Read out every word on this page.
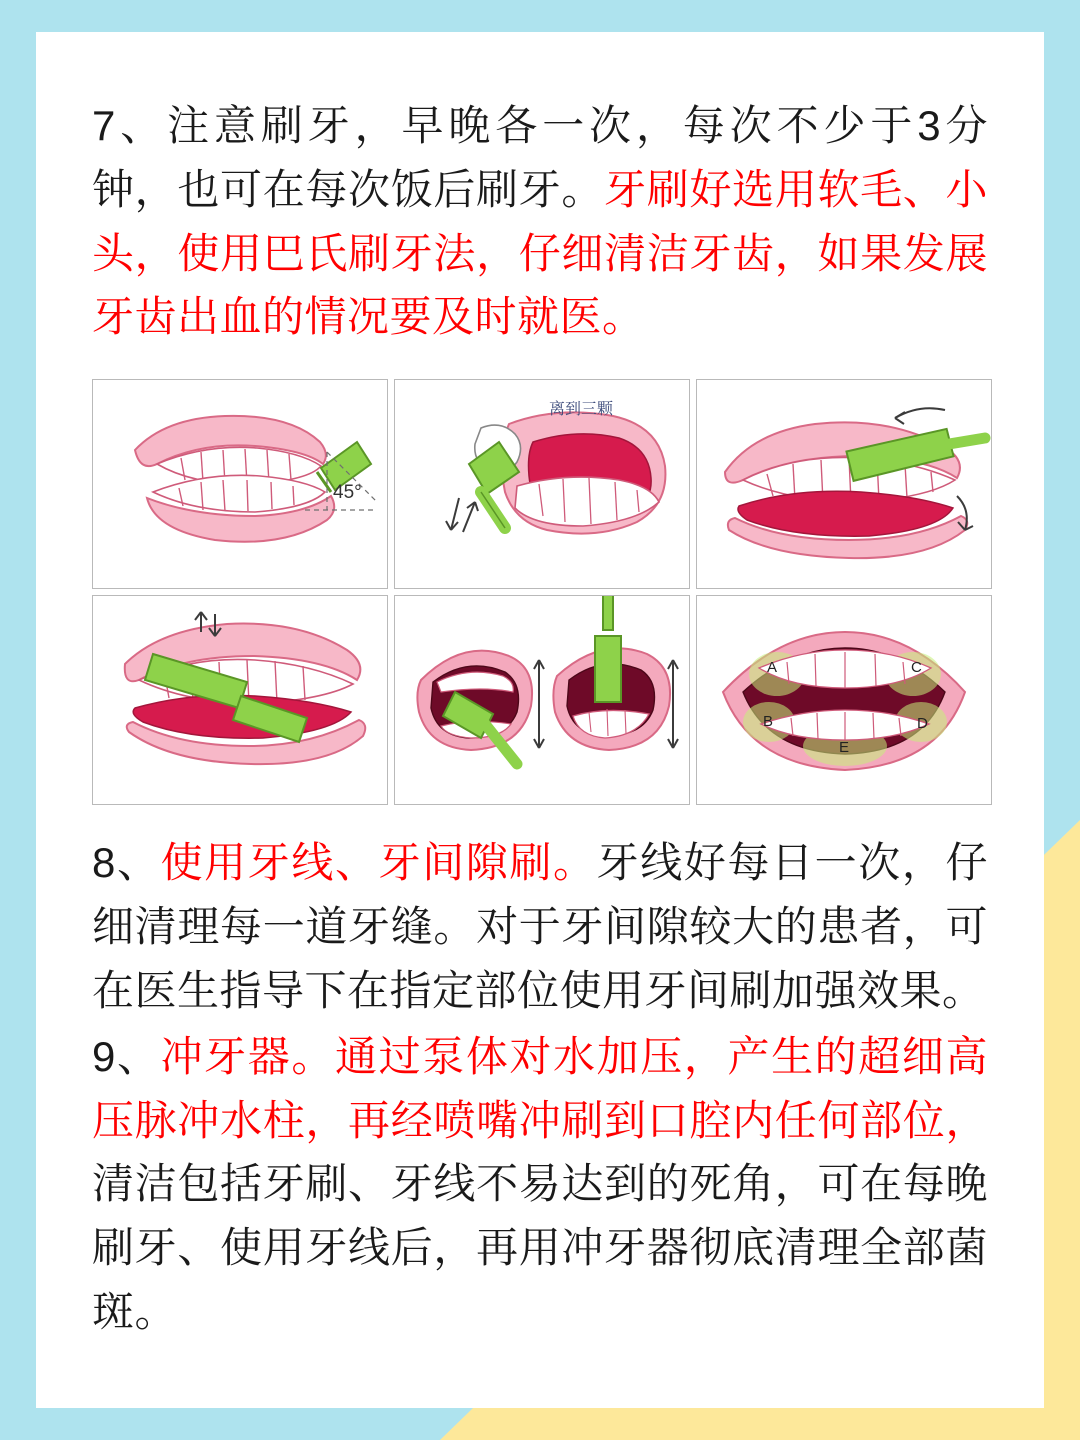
7、注意刷牙，早晚各一次，每次不少于3分钟，也可在每次饭后刷牙。牙刷好选用软毛、小头，使用巴氏刷牙法，仔细清洁牙齿，如果发展牙齿出血的情况要及时就医。

45°
离到三颗
A
B
C
D
E

8、使用牙线、牙间隙刷。牙线好每日一次，仔细清理每一道牙缝。对于牙间隙较大的患者，可在医生指导下在指定部位使用牙间刷加强效果。

9、冲牙器。通过泵体对水加压，产生的超细高压脉冲水柱，再经喷嘴冲刷到口腔内任何部位，清洁包括牙刷、牙线不易达到的死角，可在每晚刷牙、使用牙线后，再用冲牙器彻底清理全部菌斑。
